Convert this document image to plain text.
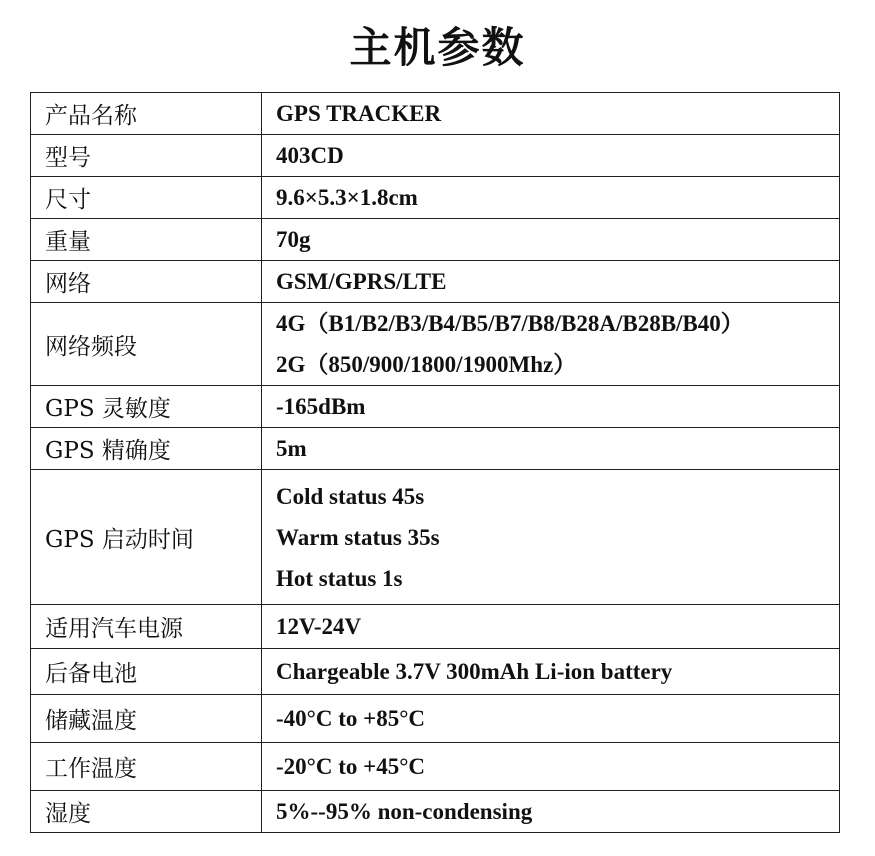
主机参数
产品名称	GPS TRACKER

型号	403CD

尺寸	9.6×5.3×1.8cm

重量	70g

网络	GSM/GPRS/LTE

网络频段	4G（B1/B2/B3/B4/B5/B7/B8/B28A/B28B/B40）
2G（850/900/1800/1900Mhz）

GPS 灵敏度	-165dBm

GPS 精确度	5m

GPS 启动时间	Cold status 45s
Warm status 35s
Hot status 1s

适用汽车电源	12V-24V

后备电池	Chargeable 3.7V 300mAh Li-ion battery

储藏温度	-40°C to +85°C

工作温度	-20°C to +45°C

湿度	5%--95% non-condensing
